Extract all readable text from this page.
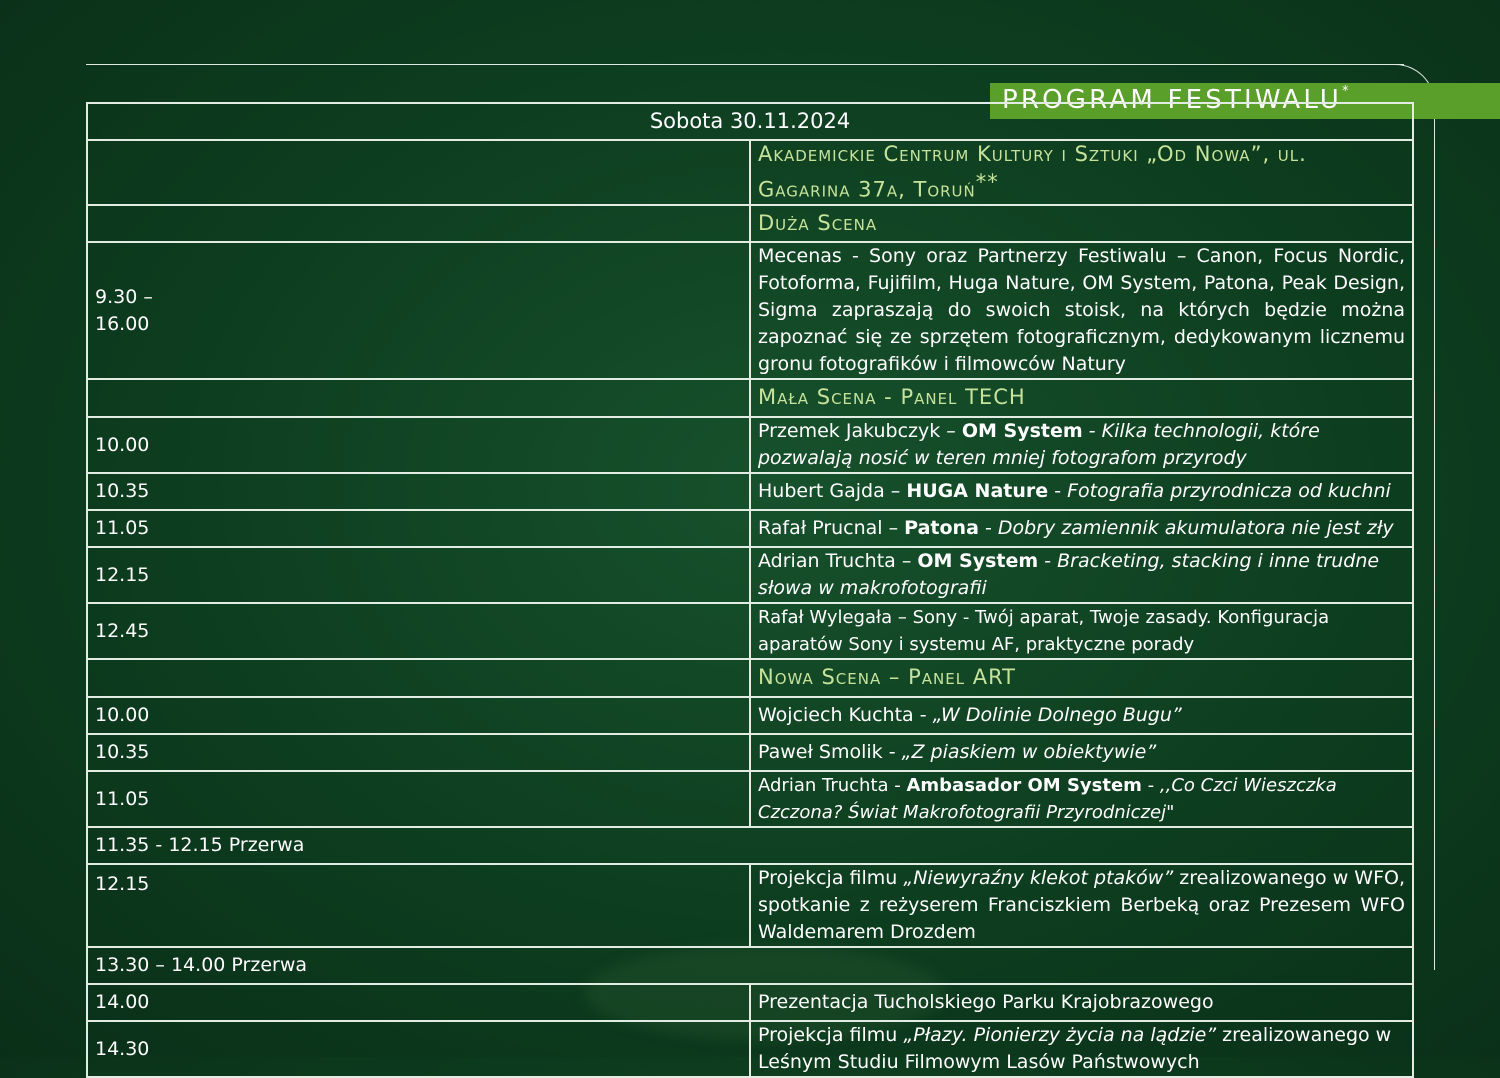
PROGRAM FESTIWALU*
Sobota 30.11.2024	
	Akademickie Centrum Kultury i Sztuki „Od Nowa”, ul. Gagarina 37a, Toruń**
	Duża Scena
9.30 –
16.00	Mecenas - Sony oraz Partnerzy Festiwalu – Canon, Focus Nordic, Fotoforma, Fujifilm, Huga Nature, OM System, Patona, Peak Design, Sigma zapraszają do swoich stoisk, na których będzie można zapoznać się ze sprzętem fotograficznym, dedykowanym licznemu gronu fotografików i filmowców Natury
	Mała Scena - Panel TECH
10.00	Przemek Jakubczyk – OM System - Kilka technologii, które pozwalają nosić w teren mniej fotografom przyrody
10.35	Hubert Gajda – HUGA Nature - Fotografia przyrodnicza od kuchni
11.05	Rafał Prucnal – Patona - Dobry zamiennik akumulatora nie jest zły
12.15	Adrian Truchta – OM System - Bracketing, stacking i inne trudne słowa w makrofotografii
12.45	Rafał Wylegała – Sony - Twój aparat, Twoje zasady. Konfiguracja aparatów Sony i systemu AF, praktyczne porady
	Nowa Scena – Panel ART
10.00	Wojciech Kuchta - „W Dolinie Dolnego Bugu”
10.35	Paweł Smolik - „Z piaskiem w obiektywie”
11.05	Adrian Truchta - Ambasador OM System - ,,Co Czci Wieszczka Czczona? Świat Makrofotografii Przyrodniczej"
11.35 - 12.15 Przerwa	
12.15	Projekcja filmu „Niewyraźny klekot ptaków” zrealizowanego w WFO, spotkanie z reżyserem Franciszkiem Berbeką oraz Prezesem WFO Waldemarem Drozdem
13.30 – 14.00 Przerwa	
14.00	Prezentacja Tucholskiego Parku Krajobrazowego
14.30	Projekcja filmu „Płazy. Pionierzy życia na lądzie” zrealizowanego w Leśnym Studiu Filmowym Lasów Państwowych
